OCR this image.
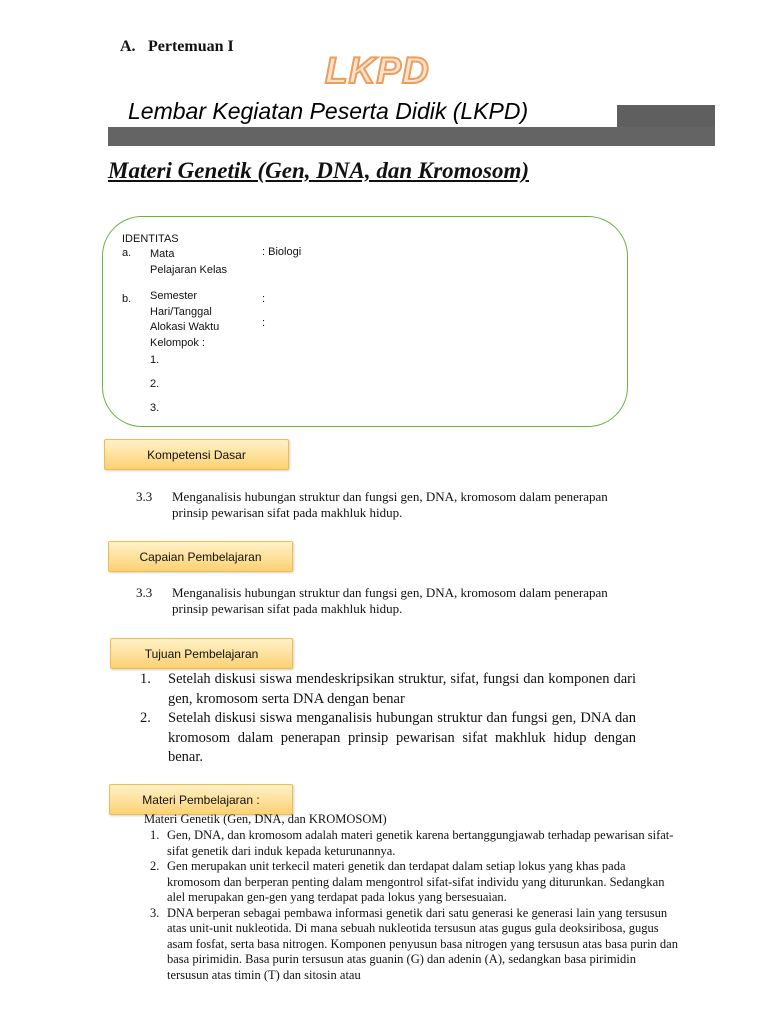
A. Pertemuan I
LKPD
Lembar Kegiatan Peserta Didik (LKPD)
Materi Genetik (Gen, DNA, dan Kromosom)
IDENTITAS
a. Mata
Pelajaran Kelas
: Biologi
b. Semester
Hari/Tanggal
Alokasi Waktu
Kelompok :
:
:
1.
2.
3.
Kompetensi Dasar
3.3 Menganalisis hubungan struktur dan fungsi gen, DNA, kromosom dalam penerapan
prinsip pewarisan sifat pada makhluk hidup.
Capaian Pembelajaran
3.3 Menganalisis hubungan struktur dan fungsi gen, DNA, kromosom dalam penerapan
prinsip pewarisan sifat pada makhluk hidup.
Tujuan Pembelajaran
1. Setelah diskusi siswa mendeskripsikan struktur, sifat, fungsi dan komponen dari gen, kromosom serta DNA dengan benar
2. Setelah diskusi siswa menganalisis hubungan struktur dan fungsi gen, DNA dan kromosom dalam penerapan prinsip pewarisan sifat makhluk hidup dengan benar.
Materi Pembelajaran :
Materi Genetik (Gen, DNA, dan KROMOSOM)
1. Gen, DNA, dan kromosom adalah materi genetik karena bertanggungjawab terhadap pewarisan sifat-sifat genetik dari induk kepada keturunannya.
2. Gen merupakan unit terkecil materi genetik dan terdapat dalam setiap lokus yang khas pada kromosom dan berperan penting dalam mengontrol sifat-sifat individu yang diturunkan. Sedangkan alel merupakan gen-gen yang terdapat pada lokus yang bersesuaian.
3. DNA berperan sebagai pembawa informasi genetik dari satu generasi ke generasi lain yang tersusun atas unit-unit nukleotida. Di mana sebuah nukleotida tersusun atas gugus gula deoksiribosa, gugus asam fosfat, serta basa nitrogen. Komponen penyusun basa nitrogen yang tersusun atas basa purin dan basa pirimidin. Basa purin tersusun atas guanin (G) dan adenin (A), sedangkan basa pirimidin tersusun atas timin (T) dan sitosin atau
